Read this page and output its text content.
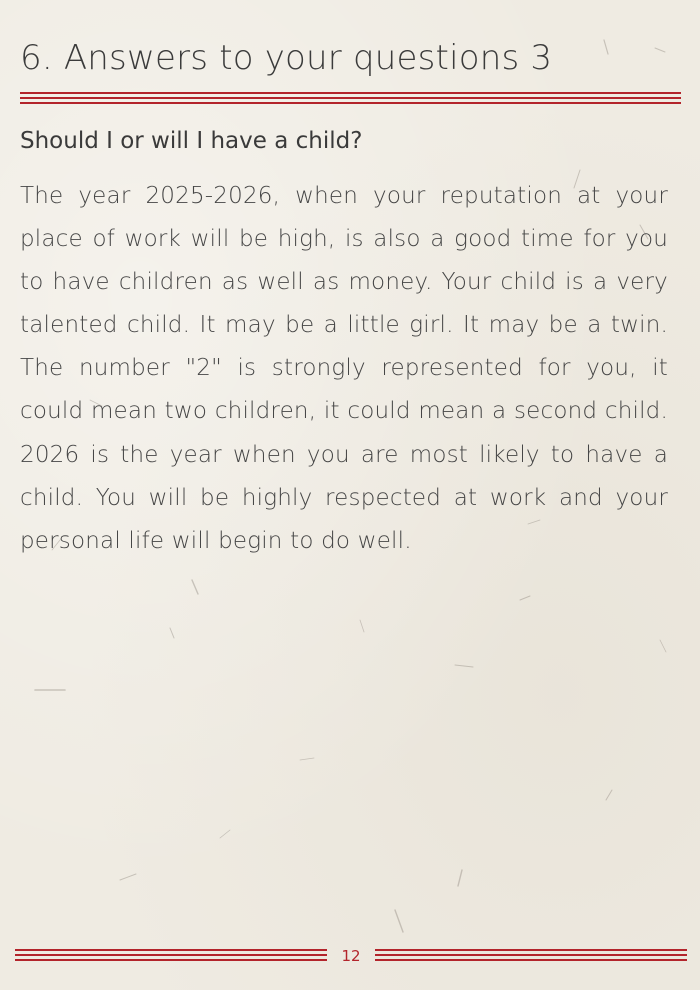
6. Answers to your questions 3
Should I or will I have a child?

The year 2025-2026, when your reputation at your place of work will be high, is also a good time for you to have children as well as money. Your child is a very talented child. It may be a little girl. It may be a twin. The number "2" is strongly represented for you, it could mean two children, it could mean a second child. 2026 is the year when you are most likely to have a child. You will be highly respected at work and your personal life will begin to do well.

12
